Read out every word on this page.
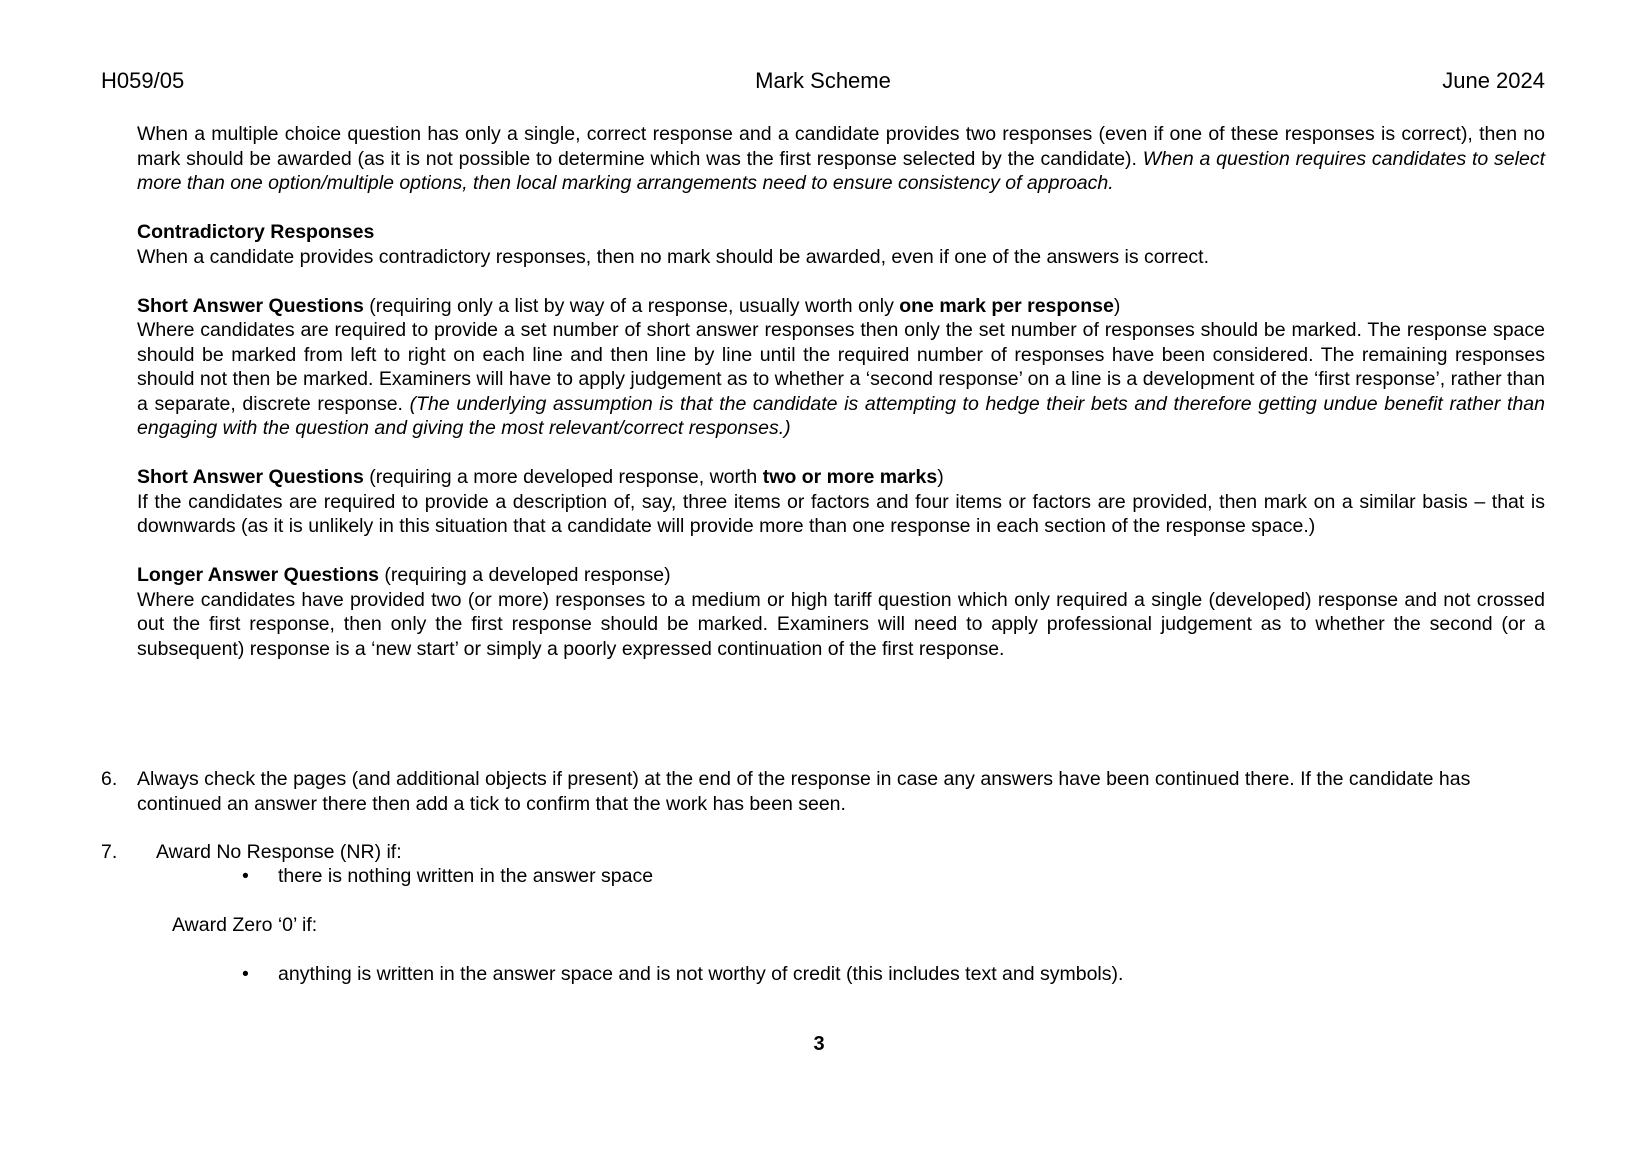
H059/05	Mark Scheme	June 2024

When a multiple choice question has only a single, correct response and a candidate provides two responses (even if one of these responses is correct), then no mark should be awarded (as it is not possible to determine which was the first response selected by the candidate). When a question requires candidates to select more than one option/multiple options, then local marking arrangements need to ensure consistency of approach.

Contradictory Responses

When a candidate provides contradictory responses, then no mark should be awarded, even if one of the answers is correct.

Short Answer Questions (requiring only a list by way of a response, usually worth only one mark per response)

Where candidates are required to provide a set number of short answer responses then only the set number of responses should be marked. The response space should be marked from left to right on each line and then line by line until the required number of responses have been considered. The remaining responses should not then be marked. Examiners will have to apply judgement as to whether a ‘second response’ on a line is a development of the ‘first response’, rather than a separate, discrete response. (The underlying assumption is that the candidate is attempting to hedge their bets and therefore getting undue benefit rather than engaging with the question and giving the most relevant/correct responses.)

Short Answer Questions (requiring a more developed response, worth two or more marks)

If the candidates are required to provide a description of, say, three items or factors and four items or factors are provided, then mark on a similar basis – that is downwards (as it is unlikely in this situation that a candidate will provide more than one response in each section of the response space.)

Longer Answer Questions (requiring a developed response)

Where candidates have provided two (or more) responses to a medium or high tariff question which only required a single (developed) response and not crossed out the first response, then only the first response should be marked. Examiners will need to apply professional judgement as to whether the second (or a subsequent) response is a ‘new start’ or simply a poorly expressed continuation of the first response.

6. Always check the pages (and additional objects if present) at the end of the response in case any answers have been continued there. If the candidate has continued an answer there then add a tick to confirm that the work has been seen.
7. Award No Response (NR) if:
• there is nothing written in the answer space
Award Zero ‘0’ if:
• anything is written in the answer space and is not worthy of credit (this includes text and symbols).
3
